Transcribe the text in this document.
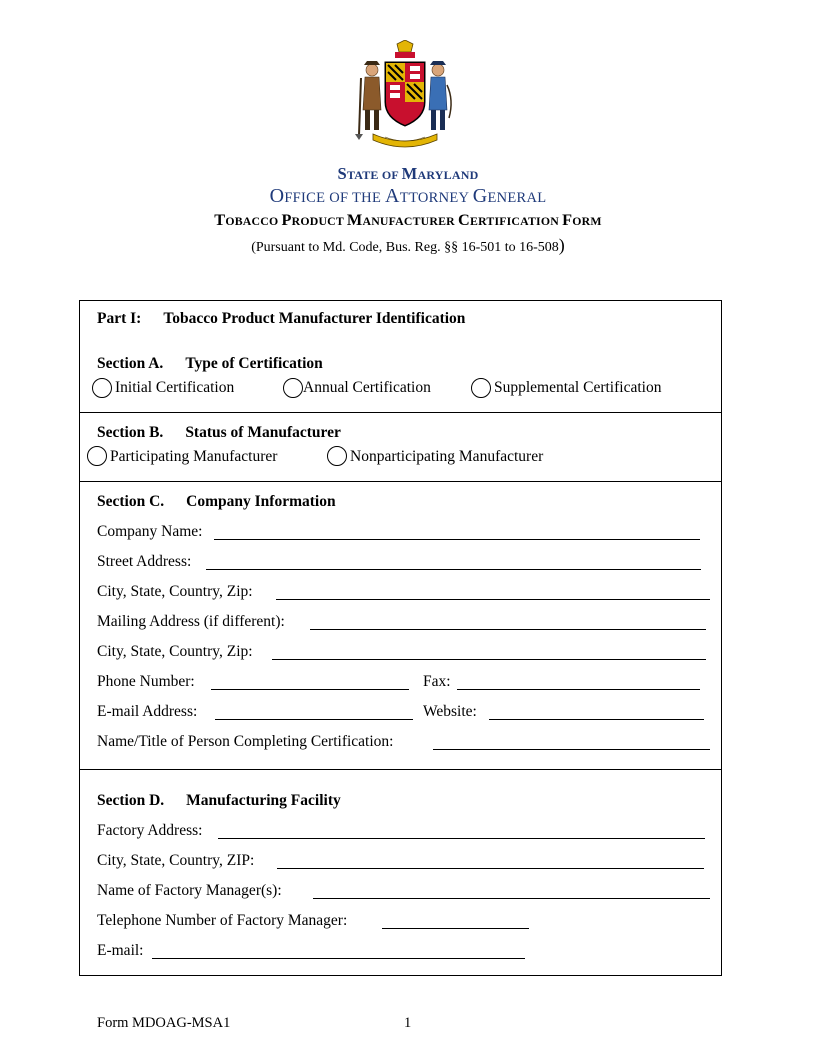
STATE OF MARYLAND
OFFICE OF THE ATTORNEY GENERAL
TOBACCO PRODUCT MANUFACTURER CERTIFICATION FORM
(Pursuant to Md. Code, Bus. Reg. §§ 16-501 to 16-508)
Part I: Tobacco Product Manufacturer Identification
Section A. Type of Certification
Initial Certification	Annual Certification	Supplemental Certification
Section B. Status of Manufacturer
Participating Manufacturer	Nonparticipating Manufacturer
Section C. Company Information
Company Name:
Street Address:
City, State, Country, Zip:
Mailing Address (if different):
City, State, Country, Zip:
Phone Number:	Fax:
E-mail Address:	Website:
Name/Title of Person Completing Certification:
Section D. Manufacturing Facility
Factory Address:
City, State, Country, ZIP:
Name of Factory Manager(s):
Telephone Number of Factory Manager:
E-mail:
Form MDOAG-MSA1	1
